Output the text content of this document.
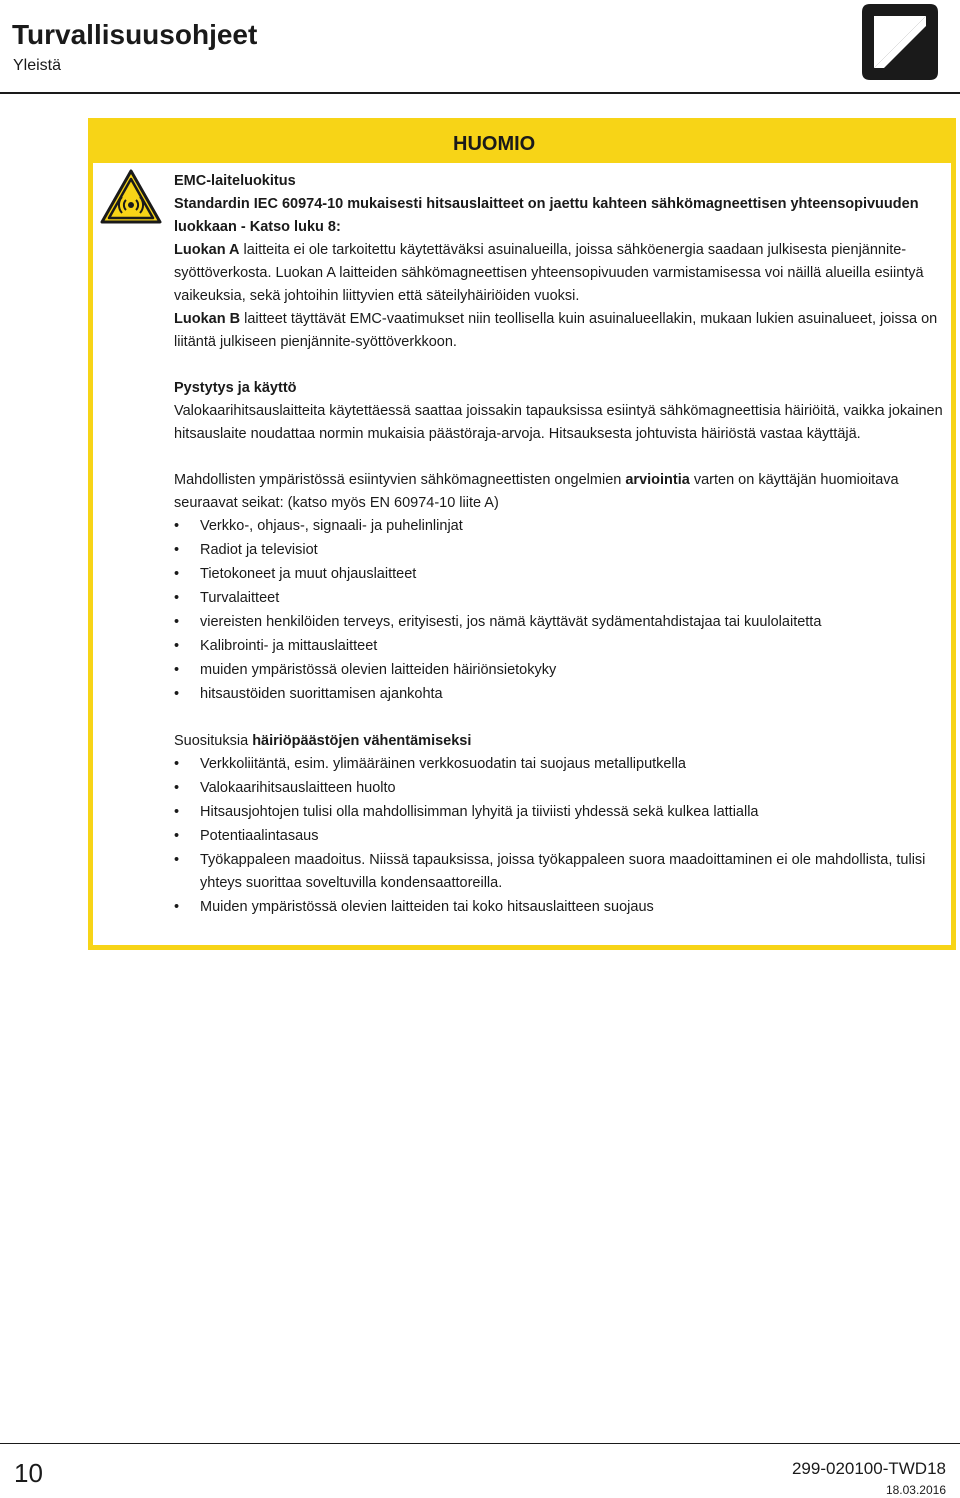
Turvallisuusohjeet
Yleistä
HUOMIO

EMC-laiteluokitus

Standardin IEC 60974-10 mukaisesti hitsauslaitteet on jaettu kahteen sähkömagneettisen yhteensopivuuden luokkaan - Katso luku 8:

Luokan A laitteita ei ole tarkoitettu käytettäväksi asuinalueilla, joissa sähköenergia saadaan julkisesta pienjännite-syöttöverkosta. Luokan A laitteiden sähkömagneettisen yhteensopivuuden varmistamisessa voi näillä alueilla esiintyä vaikeuksia, sekä johtoihin liittyvien että säteilyhäiriöiden vuoksi.

Luokan B laitteet täyttävät EMC-vaatimukset niin teollisella kuin asuinalueellakin, mukaan lukien asuinalueet, joissa on liitäntä julkiseen pienjännite-syöttöverkkoon.

Pystytys ja käyttö

Valokaarihitsauslaitteita käytettäessä saattaa joissakin tapauksissa esiintyä sähkömagneettisia häiriöitä, vaikka jokainen hitsauslaite noudattaa normin mukaisia päästöraja-arvoja. Hitsauksesta johtuvista häiriöstä vastaa käyttäjä.

Mahdollisten ympäristössä esiintyvien sähkömagneettisten ongelmien arviointia varten on käyttäjän huomioitava seuraavat seikat: (katso myös EN 60974-10 liite A)

• Verkko-, ohjaus-, signaali- ja puhelinlinjat
• Radiot ja televisiot
• Tietokoneet ja muut ohjauslaitteet
• Turvalaitteet
• viereisten henkilöiden terveys, erityisesti, jos nämä käyttävät sydämentahdistajaa tai kuulolaitetta
• Kalibrointi- ja mittauslaitteet
• muiden ympäristössä olevien laitteiden häiriönsietokyky
• hitsaustöiden suorittamisen ajankohta

Suosituksia häiriöpäästöjen vähentämiseksi

• Verkkoliitäntä, esim. ylimääräinen verkkosuodatin tai suojaus metalliputkella
• Valokaarihitsauslaitteen huolto
• Hitsausjohtojen tulisi olla mahdollisimman lyhyitä ja tiiviisti yhdessä sekä kulkea lattialla
• Potentiaalintasaus
• Työkappaleen maadoitus. Niissä tapauksissa, joissa työkappaleen suora maadoittaminen ei ole mahdollista, tulisi yhteys suorittaa soveltuvilla kondensaattoreilla.
• Muiden ympäristössä olevien laitteiden tai koko hitsauslaitteen suojaus
10	299-020100-TWD18
18.03.2016
